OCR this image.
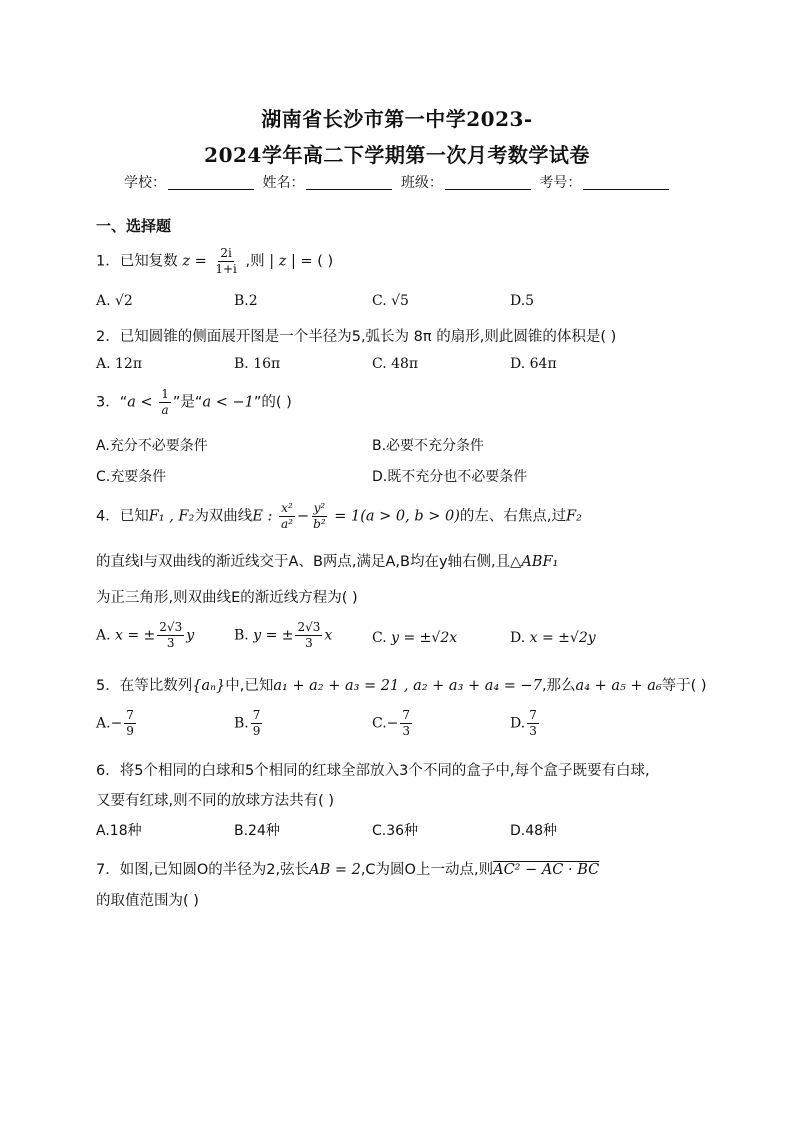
湖南省长沙市第一中学2023-
2024学年高二下学期第一次月考数学试卷
学校：	姓名：	班级：	考号：
一、选择题
1．已知复数 $z = \frac{2i}{1+i}$ ,则 | z | = ( )
A. √2	B.2	C. √5	D.5
2．已知圆锥的侧面展开图是一个半径为5,弧长为 8π 的扇形,则此圆锥的体积是( )
A. 12π	B. 16π	C. 48π	D. 64π
3．“$a < \frac{1}{a}$ ”是“a < −1”的( )
A.充分不必要条件	B.必要不充分条件
C.充要条件	D.既不充分也不必要条件
4．已知F₁ , F₂为双曲线E : $\frac{\text{x²}}{\text{a²}} - \frac{\text{y²}}{\text{b²}} = 1(a > 0$, b > 0)的左、右焦点,过F₂
的直线l与双曲线的渐近线交于A、B两点,满足A,B均在y轴右侧,且△ABF₁
为正三角形,则双曲线E的渐近线方程为( )
A. x = ± $\frac{2√3}{3}$ y	B. y = ± $\frac{2√3}{3}$ x	C. y = ±√2x	D. x = ±√2y
5．在等比数列{aₙ}中,已知a₁ + a₂ + a₃ = 21 , a₂ + a₃ + a₄ = −7,那么a₄ + a₅ + a₆等于( )
$A.- \frac{7}{9}$	B. $\frac{7}{9}$	$C.- \frac{7}{3}$	D. $\frac{7}{3}$
6．将5个相同的白球和5个相同的红球全部放入3个不同的盒子中,每个盒子既要有白球,
又要有红球,则不同的放球方法共有( )
A.18种	B.24种	C.36种	D.48种
7．如图,已知圆O的半径为2,弦长AB = 2,C为圆O上一动点,则AC² − AC · BC
的取值范围为( )
